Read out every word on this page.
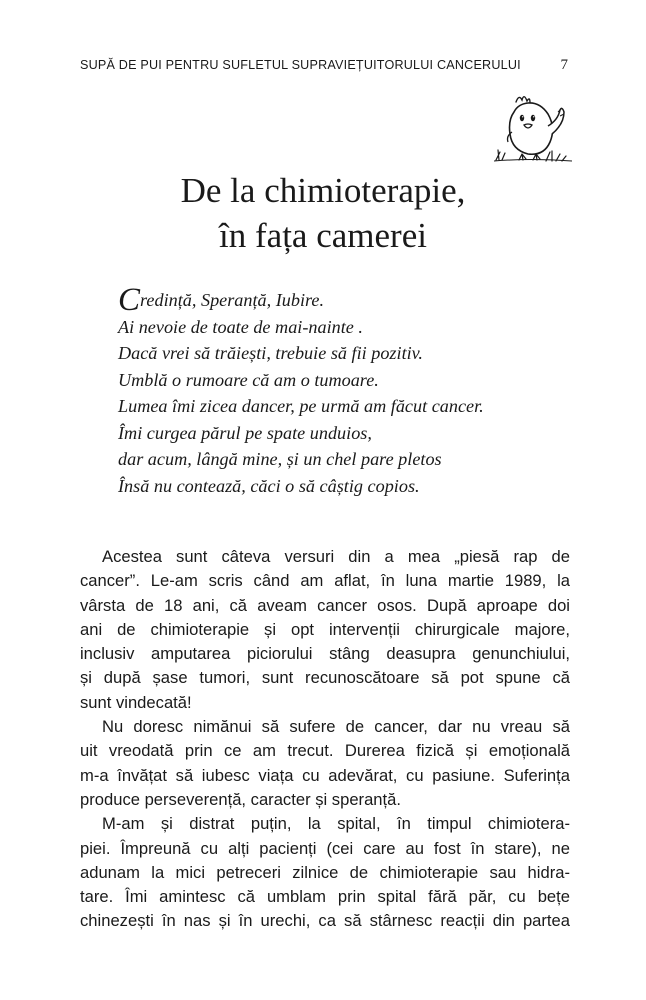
SUPĂ DE PUI PENTRU SUFLETUL SUPRAVIEȚUITORULUI CANCERULUI	7
De la chimioterapie,
în fața camerei
Credință, Speranță, Iubire.
Ai nevoie de toate de mai-nainte .
Dacă vrei să trăiești, trebuie să fii pozitiv.
Umblă o rumoare că am o tumoare.
Lumea îmi zicea dancer, pe urmă am făcut cancer.
Îmi curgea părul pe spate unduios,
dar acum, lângă mine, și un chel pare pletos
Însă nu contează, căci o să câștig copios.
Acestea sunt câteva versuri din a mea „piesă rap de
cancer”. Le-am scris când am aflat, în luna martie 1989, la
vârsta de 18 ani, că aveam cancer osos. După aproape doi
ani de chimioterapie și opt intervenții chirurgicale majore,
inclusiv amputarea piciorului stâng deasupra genunchiului,
și după șase tumori, sunt recunoscătoare să pot spune că
sunt vindecată!
Nu doresc nimănui să sufere de cancer, dar nu vreau să
uit vreodată prin ce am trecut. Durerea fizică și emoțională
m-a învățat să iubesc viața cu adevărat, cu pasiune. Suferința
produce perseverență, caracter și speranță.
M-am și distrat puțin, la spital, în timpul chimiotera-
piei. Împreună cu alți pacienți (cei care au fost în stare), ne
adunam la mici petreceri zilnice de chimioterapie sau hidra-
tare. Îmi amintesc că umblam prin spital fără păr, cu bețe
chinezești în nas și în urechi, ca să stârnesc reacții din partea
